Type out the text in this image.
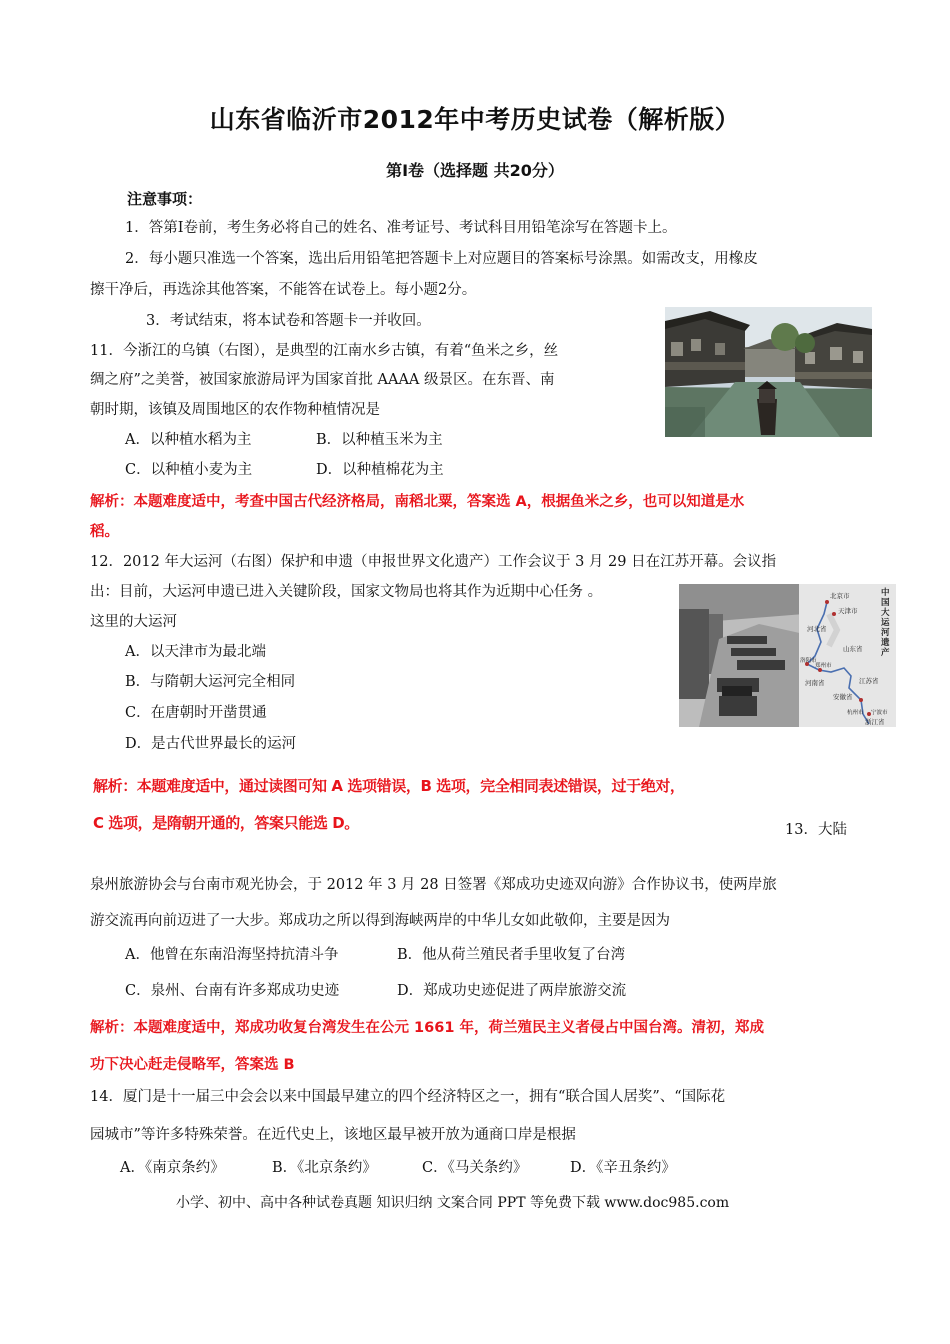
山东省临沂市2012年中考历史试卷（解析版）
第Ⅰ卷（选择题 共20分）
注意事项：
1．答第Ⅰ卷前，考生务必将自己的姓名、准考证号、考试科目用铅笔涂写在答题卡上。
2．每小题只准选一个答案，选出后用铅笔把答题卡上对应题目的答案标号涂黑。如需改支，用橡皮
擦干净后，再选涂其他答案，不能答在试卷上。每小题2分。
3．考试结束，将本试卷和答题卡一并收回。
11．今浙江的乌镇（右图），是典型的江南水乡古镇，有着“鱼米之乡，丝
绸之府”之美誉，被国家旅游局评为国家首批 AAAA 级景区。在东晋、南
朝时期，该镇及周围地区的农作物种植情况是
A．以种植水稻为主	B．以种植玉米为主
C．以种植小麦为主	D．以种植棉花为主
解析：本题难度适中，考查中国古代经济格局，南稻北粟，答案选 A，根据鱼米之乡，也可以知道是水
稻。
12．2012 年大运河（右图）保护和申遗（申报世界文化遗产）工作会议于 3 月 29 日在江苏开幕。会议指
出：目前，大运河申遗已进入关键阶段，国家文物局也将其作为近期中心任务 。
这里的大运河
A．以天津市为最北端
B．与隋朝大运河完全相同
C．在唐朝时开凿贯通
D．是古代世界最长的运河
中国大运河遗产
北京市
天津市
河北省
山东省
洛阳市
郑州市
河南省	江苏省
安徽省
杭州市 宁波市
浙江省
解析：本题难度适中，通过读图可知 A 选项错误，B 选项，完全相同表述错误，过于绝对，
C 选项，是隋朝开通的，答案只能选 D。	13．大陆
泉州旅游协会与台南市观光协会，于 2012 年 3 月 28 日签署《郑成功史迹双向游》合作协议书，使两岸旅
游交流再向前迈进了一大步。郑成功之所以得到海峡两岸的中华儿女如此敬仰，主要是因为
A．他曾在东南沿海坚持抗清斗争	B．他从荷兰殖民者手里收复了台湾
C．泉州、台南有许多郑成功史迹	D．郑成功史迹促进了两岸旅游交流
解析：本题难度适中，郑成功收复台湾发生在公元 1661 年，荷兰殖民主义者侵占中国台湾。清初，郑成
功下决心赶走侵略军，答案选 B
14．厦门是十一届三中会会以来中国最早建立的四个经济特区之一，拥有“联合国人居奖”、“国际花
园城市”等许多特殊荣誉。在近代史上，该地区最早被开放为通商口岸是根据
A．《南京条约》	B．《北京条约》	C．《马关条约》	D．《辛丑条约》
小学、初中、高中各种试卷真题 知识归纳 文案合同 PPT 等免费下载 www.doc985.com
